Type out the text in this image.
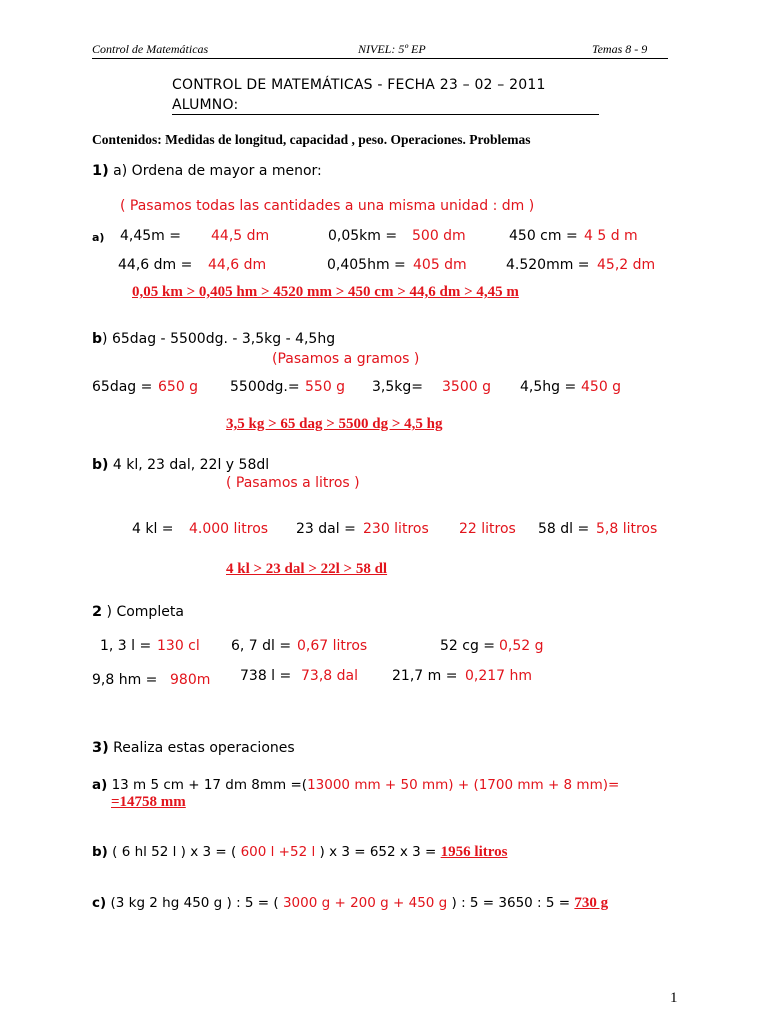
Control de Matemáticas	NIVEL: 5º EP	Temas 8 - 9
CONTROL DE MATEMÁTICAS - FECHA 23 – 02 – 2011
ALUMNO:
Contenidos: Medidas de longitud, capacidad , peso. Operaciones. Problemas
1) a) Ordena de mayor a menor:
( Pasamos todas las cantidades a una misma unidad : dm )
a) 4,45m = 44,5 dm	0,05km = 500 dm	450 cm = 4 5 d m
44,6 dm = 44,6 dm	0,405hm = 405 dm	4.520mm = 45,2 dm
0,05 km > 0,405 hm > 4520 mm > 450 cm > 44,6 dm > 4,45 m
b) 65dag - 5500dg. - 3,5kg - 4,5hg
(Pasamos a gramos )
65dag = 650 g 5500dg.= 550 g 3,5kg= 3500 g 4,5hg = 450 g
3,5 kg > 65 dag > 5500 dg > 4,5 hg
b) 4 kl, 23 dal, 22l y 58dl
( Pasamos a litros )
4 kl = 4.000 litros 23 dal = 230 litros 22 litros 58 dl = 5,8 litros
4 kl > 23 dal > 22l > 58 dl
2 ) Completa
1, 3 l = 130 cl 6, 7 dl = 0,67 litros	52 cg = 0,52 g
9,8 hm = 980m 738 l = 73,8 dal 21,7 m = 0,217 hm
3) Realiza estas operaciones
a) 13 m 5 cm + 17 dm 8mm =(13000 mm + 50 mm) + (1700 mm + 8 mm)=
=14758 mm
b) ( 6 hl 52 l ) x 3 = ( 600 l +52 l ) x 3 = 652 x 3 = 1956 litros
c) (3 kg 2 hg 450 g ) : 5 = ( 3000 g + 200 g + 450 g ) : 5 = 3650 : 5 = 730 g
1
